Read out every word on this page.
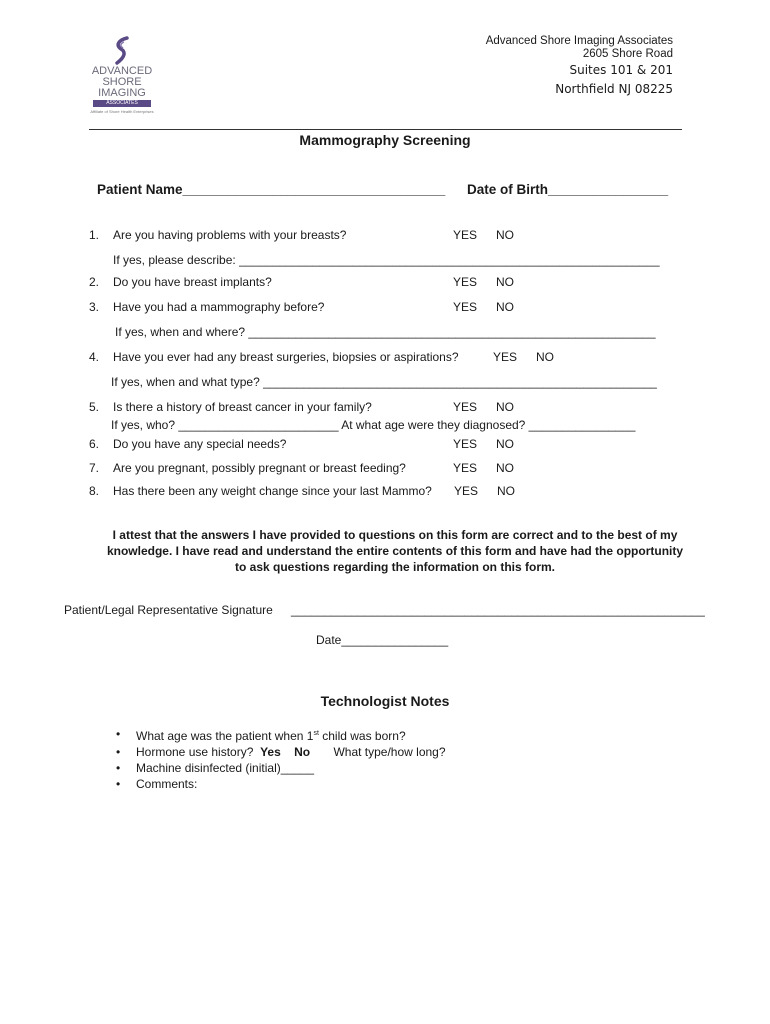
ADVANCED
SHORE
IMAGING
ASSOCIATES
Affiliate of Shore Health Enterprises
Advanced Shore Imaging Associates
2605 Shore Road
Suites 101 & 201
Northfield NJ 08225
Mammography Screening
Patient Name___________________________________ Date of Birth________________
1. Are you having problems with your breasts?	YES NO
If yes, please describe: _______________________________________________________________
2. Do you have breast implants?	YES NO
3. Have you had a mammography before?	YES NO
If yes, when and where? _____________________________________________________________
4. Have you ever had any breast surgeries, biopsies or aspirations?	YES NO
If yes, when and what type? ___________________________________________________________
5. Is there a history of breast cancer in your family?	YES NO
If yes, who? ________________________ At what age were they diagnosed? ________________
6. Do you have any special needs?	YES NO
7. Are you pregnant, possibly pregnant or breast feeding?	YES NO
8. Has there been any weight change since your last Mammo? YES NO
I attest that the answers I have provided to questions on this form are correct and to the best of my knowledge. I have read and understand the entire contents of this form and have had the opportunity to ask questions regarding the information on this form.
Patient/Legal Representative Signature ______________________________________________________________
Date________________
Technologist Notes
• What age was the patient when 1st child was born?
• Hormone use history? Yes No What type/how long?
• Machine disinfected (initial)_____
• Comments:
